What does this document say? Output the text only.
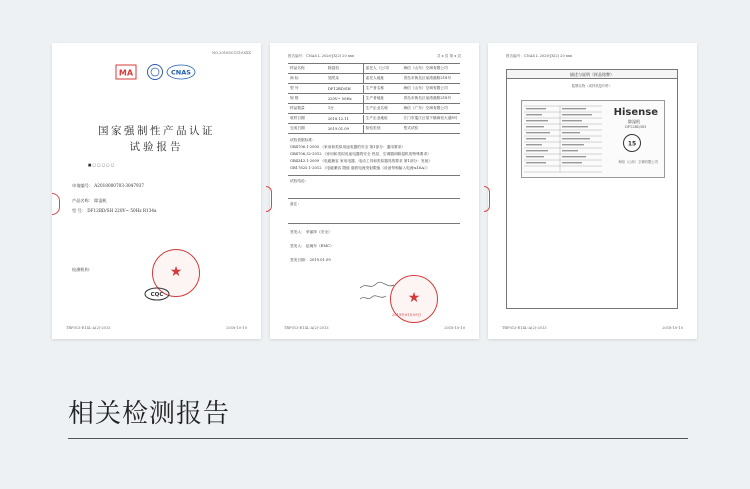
NO.2018SCCS10XXX
MA	CNAS
国家强制性产品认证
试验报告
■ ▢ ▢ ▢ ▢ ▢
申请编号： A2018000703-3047937

产品名称： 除湿机
型 号： DF12BD/SH 220V~ 50Hz R134a
检测机构：	★
CQC
TRF013-E14L-A(2)-2013	2018-10-10
报告编号：CNAS L 2026-JX(2) 20 xxx	共 x 页 第 x 页
样品名称	除湿机	委托人（公司）	海信（山东）空调有限公司
商 标	见附录	委托人地址	青岛市黄岛区前湾港路218号
型 号	DF12BD/SH	生产者名称	海信（山东）空调有限公司
规 格	220V~ 50Hz	生产者地址	青岛市黄岛区前湾港路218号
样品数量	1台	生产企业名称	海信（广东）空调有限公司
收样日期	2018.12.11	生产企业地址	江门市蓬江区棠下镇海信大道8号
完成日期	2019.01.09	检验类别	型式试验
试验依据标准：
GB4706.1-2005 《家用和类似用途电器的安全 第1部分：通用要求》
GB4706.32-2012 《家用和类似用途电器的安全 热泵、空调器和除湿机的特殊要求》
GB4343.1-2009 《电磁兼容 家用电器、电动工具和类似器具的要求 第1部分：发射》
GB17625.1-2012 《电磁兼容 限值 谐波电流发射限值（设备每相输入电流≤16A）》
试验结论：
备注：
签发人： 荣丽萍（安全）
签发人： 赵炯东（EMC）
签发日期： 2019.01.09
★
2019年01月09日
TRF013-E14L-A(2)-2013	2018-10-10
报告编号：CNAS L 2026-JX(2) 20 xxx
描述与说明（样品铭牌）
铭牌实物（或样机复印件）
Hisense
除湿机
DF12BD/SH
15
海信（山东）空调有限公司
TRF013-E14L-A(2)-2013	2018-10-10
相关检测报告
